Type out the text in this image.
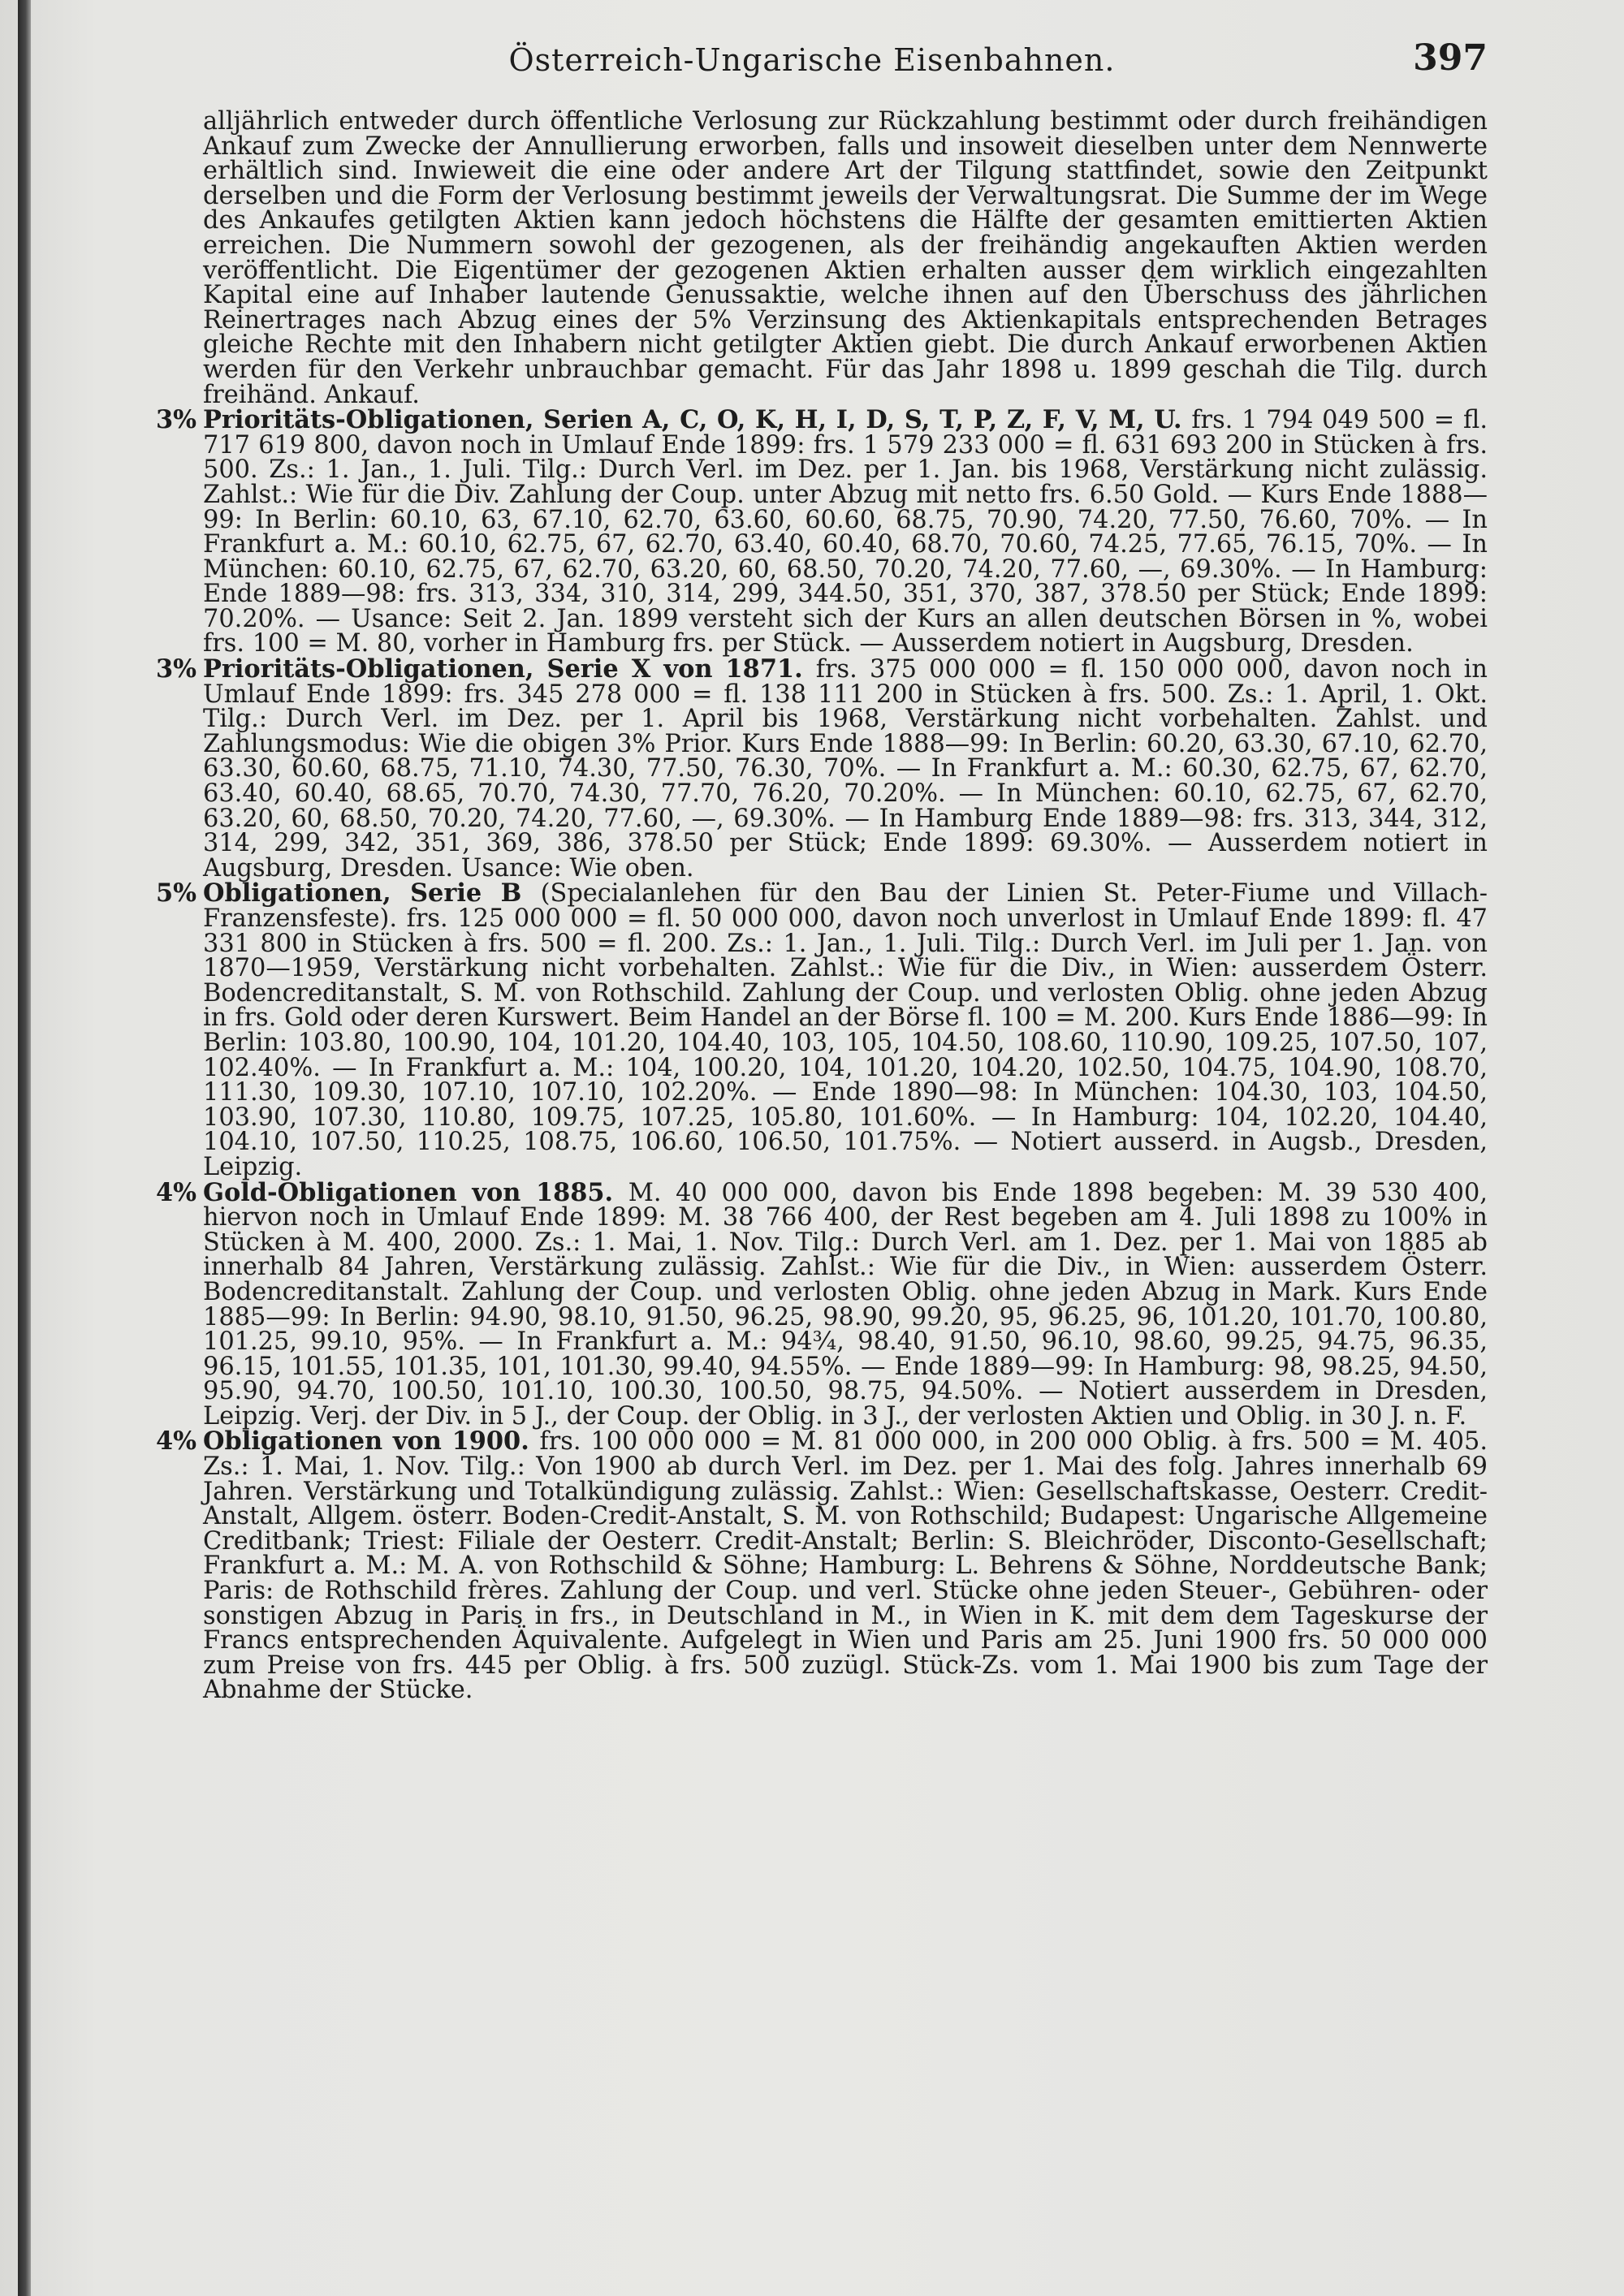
Österreich-Ungarische Eisenbahnen.	397

alljährlich entweder durch öffentliche Verlosung zur Rückzahlung bestimmt oder durch freihändigen Ankauf zum Zwecke der Annullierung erworben, falls und insoweit dieselben unter dem Nennwerte erhältlich sind. Inwieweit die eine oder andere Art der Tilgung stattfindet, sowie den Zeitpunkt derselben und die Form der Verlosung bestimmt jeweils der Verwaltungsrat. Die Summe der im Wege des Ankaufes getilgten Aktien kann jedoch höchstens die Hälfte der gesamten emittierten Aktien erreichen. Die Nummern sowohl der gezogenen, als der freihändig angekauften Aktien werden veröffentlicht. Die Eigentümer der gezogenen Aktien erhalten ausser dem wirklich eingezahlten Kapital eine auf Inhaber lautende Genussaktie, welche ihnen auf den Überschuss des jährlichen Reinertrages nach Abzug eines der 5% Verzinsung des Aktienkapitals entsprechenden Betrages gleiche Rechte mit den Inhabern nicht getilgter Aktien giebt. Die durch Ankauf erworbenen Aktien werden für den Verkehr unbrauchbar gemacht. Für das Jahr 1898 u. 1899 geschah die Tilg. durch freihänd. Ankauf.

3% Prioritäts-Obligationen, Serien A, C, O, K, H, I, D, S, T, P, Z, F, V, M, U. frs. 1 794 049 500 = fl. 717 619 800, davon noch in Umlauf Ende 1899: frs. 1 579 233 000 = fl. 631 693 200 in Stücken à frs. 500. Zs.: 1. Jan., 1. Juli. Tilg.: Durch Verl. im Dez. per 1. Jan. bis 1968, Verstärkung nicht zulässig. Zahlst.: Wie für die Div. Zahlung der Coup. unter Abzug mit netto frs. 6.50 Gold. — Kurs Ende 1888—99: In Berlin: 60.10, 63, 67.10, 62.70, 63.60, 60.60, 68.75, 70.90, 74.20, 77.50, 76.60, 70%. — In Frankfurt a. M.: 60.10, 62.75, 67, 62.70, 63.40, 60.40, 68.70, 70.60, 74.25, 77.65, 76.15, 70%. — In München: 60.10, 62.75, 67, 62.70, 63.20, 60, 68.50, 70.20, 74.20, 77.60, —, 69.30%. — In Hamburg: Ende 1889—98: frs. 313, 334, 310, 314, 299, 344.50, 351, 370, 387, 378.50 per Stück; Ende 1899: 70.20%. — Usance: Seit 2. Jan. 1899 versteht sich der Kurs an allen deutschen Börsen in %, wobei frs. 100 = M. 80, vorher in Hamburg frs. per Stück. — Ausserdem notiert in Augsburg, Dresden.

3% Prioritäts-Obligationen, Serie X von 1871. frs. 375 000 000 = fl. 150 000 000, davon noch in Umlauf Ende 1899: frs. 345 278 000 = fl. 138 111 200 in Stücken à frs. 500. Zs.: 1. April, 1. Okt. Tilg.: Durch Verl. im Dez. per 1. April bis 1968, Verstärkung nicht vorbehalten. Zahlst. und Zahlungsmodus: Wie die obigen 3% Prior. Kurs Ende 1888—99: In Berlin: 60.20, 63.30, 67.10, 62.70, 63.30, 60.60, 68.75, 71.10, 74.30, 77.50, 76.30, 70%. — In Frankfurt a. M.: 60.30, 62.75, 67, 62.70, 63.40, 60.40, 68.65, 70.70, 74.30, 77.70, 76.20, 70.20%. — In München: 60.10, 62.75, 67, 62.70, 63.20, 60, 68.50, 70.20, 74.20, 77.60, —, 69.30%. — In Hamburg Ende 1889—98: frs. 313, 344, 312, 314, 299, 342, 351, 369, 386, 378.50 per Stück; Ende 1899: 69.30%. — Ausserdem notiert in Augsburg, Dresden. Usance: Wie oben.

5% Obligationen, Serie B (Specialanlehen für den Bau der Linien St. Peter-Fiume und Villach-Franzensfeste). frs. 125 000 000 = fl. 50 000 000, davon noch unverlost in Umlauf Ende 1899: fl. 47 331 800 in Stücken à frs. 500 = fl. 200. Zs.: 1. Jan., 1. Juli. Tilg.: Durch Verl. im Juli per 1. Jan. von 1870—1959, Verstärkung nicht vorbehalten. Zahlst.: Wie für die Div., in Wien: ausserdem Österr. Bodencreditanstalt, S. M. von Rothschild. Zahlung der Coup. und verlosten Oblig. ohne jeden Abzug in frs. Gold oder deren Kurswert. Beim Handel an der Börse fl. 100 = M. 200. Kurs Ende 1886—99: In Berlin: 103.80, 100.90, 104, 101.20, 104.40, 103, 105, 104.50, 108.60, 110.90, 109.25, 107.50, 107, 102.40%. — In Frankfurt a. M.: 104, 100.20, 104, 101.20, 104.20, 102.50, 104.75, 104.90, 108.70, 111.30, 109.30, 107.10, 107.10, 102.20%. — Ende 1890—98: In München: 104.30, 103, 104.50, 103.90, 107.30, 110.80, 109.75, 107.25, 105.80, 101.60%. — In Hamburg: 104, 102.20, 104.40, 104.10, 107.50, 110.25, 108.75, 106.60, 106.50, 101.75%. — Notiert ausserd. in Augsb., Dresden, Leipzig.

4% Gold-Obligationen von 1885. M. 40 000 000, davon bis Ende 1898 begeben: M. 39 530 400, hiervon noch in Umlauf Ende 1899: M. 38 766 400, der Rest begeben am 4. Juli 1898 zu 100% in Stücken à M. 400, 2000. Zs.: 1. Mai, 1. Nov. Tilg.: Durch Verl. am 1. Dez. per 1. Mai von 1885 ab innerhalb 84 Jahren, Verstärkung zulässig. Zahlst.: Wie für die Div., in Wien: ausserdem Österr. Bodencreditanstalt. Zahlung der Coup. und verlosten Oblig. ohne jeden Abzug in Mark. Kurs Ende 1885—99: In Berlin: 94.90, 98.10, 91.50, 96.25, 98.90, 99.20, 95, 96.25, 96, 101.20, 101.70, 100.80, 101.25, 99.10, 95%. — In Frankfurt a. M.: 94¾, 98.40, 91.50, 96.10, 98.60, 99.25, 94.75, 96.35, 96.15, 101.55, 101.35, 101, 101.30, 99.40, 94.55%. — Ende 1889—99: In Hamburg: 98, 98.25, 94.50, 95.90, 94.70, 100.50, 101.10, 100.30, 100.50, 98.75, 94.50%. — Notiert ausserdem in Dresden, Leipzig. Verj. der Div. in 5 J., der Coup. der Oblig. in 3 J., der verlosten Aktien und Oblig. in 30 J. n. F.

4% Obligationen von 1900. frs. 100 000 000 = M. 81 000 000, in 200 000 Oblig. à frs. 500 = M. 405. Zs.: 1. Mai, 1. Nov. Tilg.: Von 1900 ab durch Verl. im Dez. per 1. Mai des folg. Jahres innerhalb 69 Jahren. Verstärkung und Totalkündigung zulässig. Zahlst.: Wien: Gesellschaftskasse, Oesterr. Credit-Anstalt, Allgem. österr. Boden-Credit-Anstalt, S. M. von Rothschild; Budapest: Ungarische Allgemeine Creditbank; Triest: Filiale der Oesterr. Credit-Anstalt; Berlin: S. Bleichröder, Disconto-Gesellschaft; Frankfurt a. M.: M. A. von Rothschild & Söhne; Hamburg: L. Behrens & Söhne, Norddeutsche Bank; Paris: de Rothschild frères. Zahlung der Coup. und verl. Stücke ohne jeden Steuer-, Gebühren- oder sonstigen Abzug in Paris in frs., in Deutschland in M., in Wien in K. mit dem dem Tageskurse der Francs entsprechenden Äquivalente. Aufgelegt in Wien und Paris am 25. Juni 1900 frs. 50 000 000 zum Preise von frs. 445 per Oblig. à frs. 500 zuzügl. Stück-Zs. vom 1. Mai 1900 bis zum Tage der Abnahme der Stücke.
